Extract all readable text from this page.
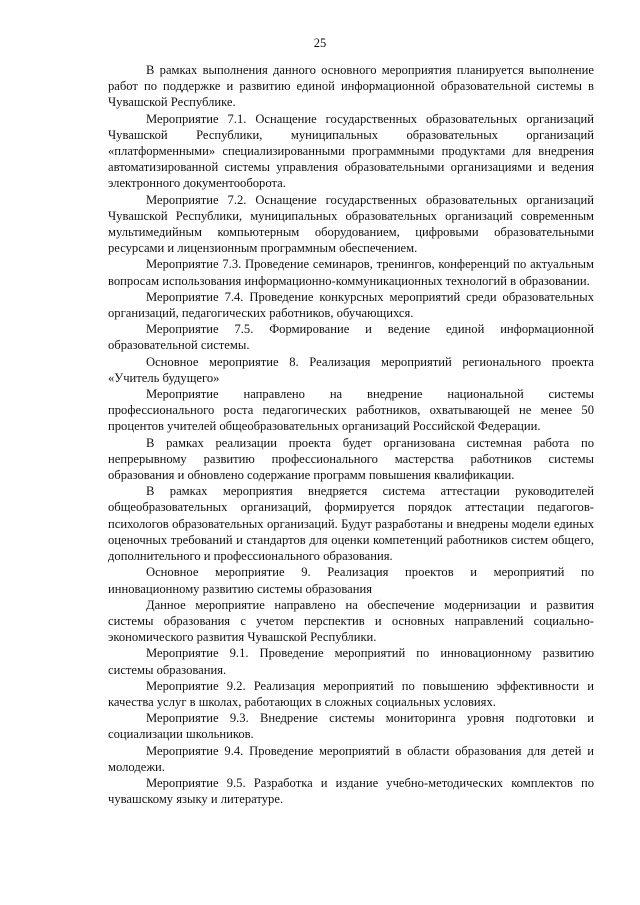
25

В рамках выполнения данного основного мероприятия планируется выполнение работ по поддержке и развитию единой информационной образовательной системы в Чувашской Республике.

Мероприятие 7.1. Оснащение государственных образовательных организаций Чувашской Республики, муниципальных образовательных организаций «платформенными» специализированными программными продуктами для внедрения автоматизированной системы управления образовательными организациями и ведения электронного документооборота.

Мероприятие 7.2. Оснащение государственных образовательных организаций Чувашской Республики, муниципальных образовательных организаций современным мультимедийным компьютерным оборудованием, цифровыми образовательными ресурсами и лицензионным программным обеспечением.

Мероприятие 7.3. Проведение семинаров, тренингов, конференций по актуальным вопросам использования информационно-коммуникационных технологий в образовании.

Мероприятие 7.4. Проведение конкурсных мероприятий среди образовательных организаций, педагогических работников, обучающихся.

Мероприятие 7.5. Формирование и ведение единой информационной образовательной системы.

Основное мероприятие 8. Реализация мероприятий регионального проекта «Учитель будущего»

Мероприятие направлено на внедрение национальной системы профессионального роста педагогических работников, охватывающей не менее 50 процентов учителей общеобразовательных организаций Российской Федерации.

В рамках реализации проекта будет организована системная работа по непрерывному развитию профессионального мастерства работников системы образования и обновлено содержание программ повышения квалификации.

В рамках мероприятия внедряется система аттестации руководителей общеобразовательных организаций, формируется порядок аттестации педагогов-психологов образовательных организаций. Будут разработаны и внедрены модели единых оценочных требований и стандартов для оценки компетенций работников систем общего, дополнительного и профессионального образования.

Основное мероприятие 9. Реализация проектов и мероприятий по инновационному развитию системы образования

Данное мероприятие направлено на обеспечение модернизации и развития системы образования с учетом перспектив и основных направлений социально-экономического развития Чувашской Республики.

Мероприятие 9.1. Проведение мероприятий по инновационному развитию системы образования.

Мероприятие 9.2. Реализация мероприятий по повышению эффективности и качества услуг в школах, работающих в сложных социальных условиях.

Мероприятие 9.3. Внедрение системы мониторинга уровня подготовки и социализации школьников.

Мероприятие 9.4. Проведение мероприятий в области образования для детей и молодежи.

Мероприятие 9.5. Разработка и издание учебно-методических комплектов по чувашскому языку и литературе.
